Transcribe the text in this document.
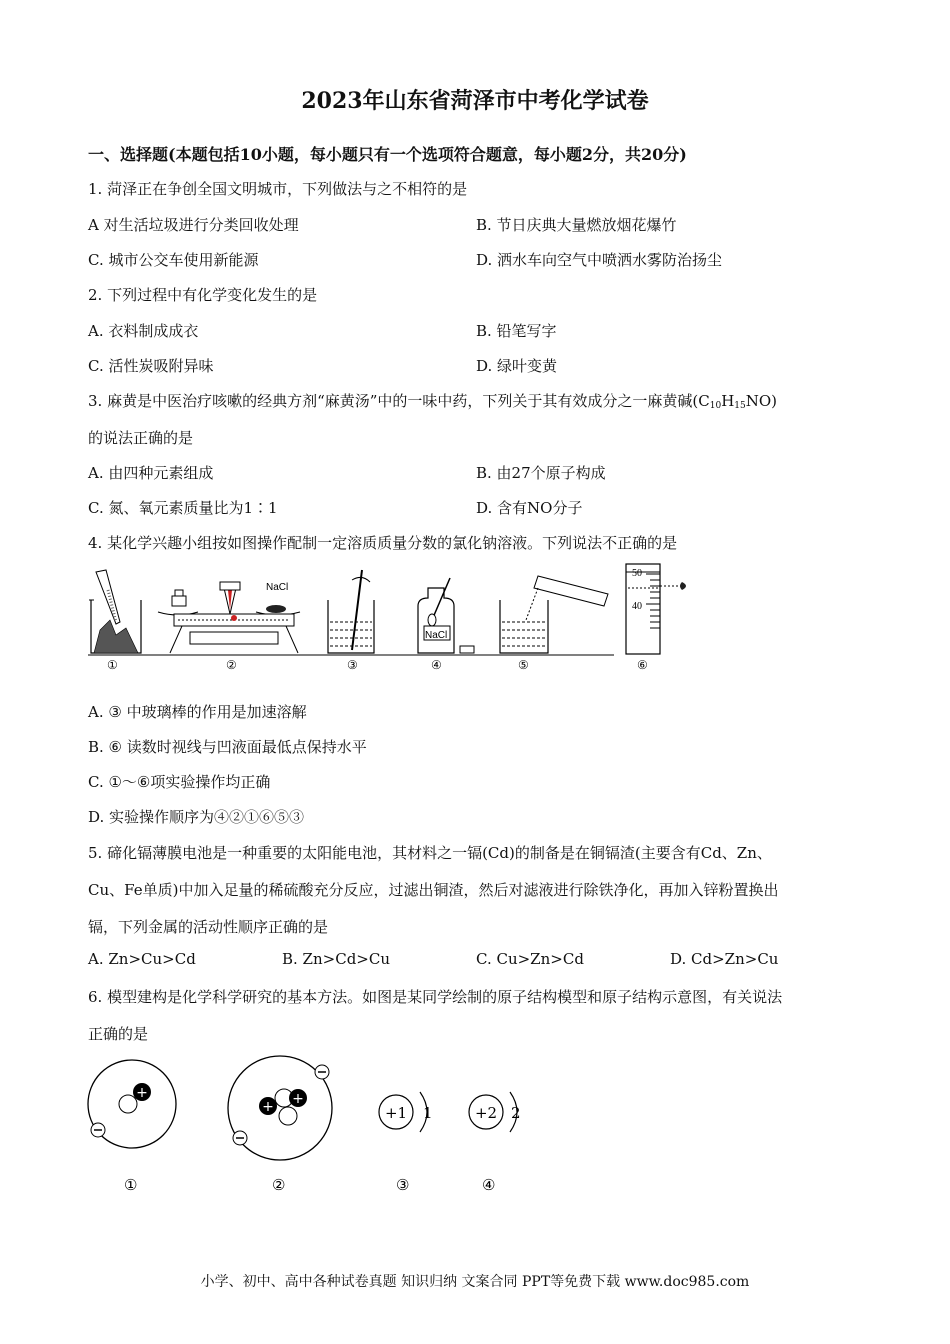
2023年山东省菏泽市中考化学试卷
一、选择题(本题包括10小题，每小题只有一个选项符合题意，每小题2分，共20分)
1. 菏泽正在争创全国文明城市，下列做法与之不相符的是
A 对生活垃圾进行分类回收处理	B. 节日庆典大量燃放烟花爆竹
C. 城市公交车使用新能源	D. 洒水车向空气中喷洒水雾防治扬尘
2. 下列过程中有化学变化发生的是
A. 衣料制成成衣	B. 铅笔写字
C. 活性炭吸附异味	D. 绿叶变黄
3. 麻黄是中医治疗咳嗽的经典方剂“麻黄汤”中的一味中药，下列关于其有效成分之一麻黄碱$(C_{10}H_{15}NO)$
的说法正确的是
A. 由四种元素组成	B. 由27个原子构成
C. 氮、氧元素质量比为1∶1	D. 含有NO分子
4. 某化学兴趣小组按如图操作配制一定溶质质量分数的氯化钠溶液。下列说法不正确的是
NaCl
NaCl
50
40
①	②	③	④	⑤	⑥
A. ③ 中玻璃棒的作用是加速溶解
B. ⑥ 读数时视线与凹液面最低点保持水平
C. ①～⑥项实验操作均正确
D. 实验操作顺序为④②①⑥⑤③
5. 碲化镉薄膜电池是一种重要的太阳能电池，其材料之一镉(Cd)的制备是在铜镉渣(主要含有Cd、Zn、
Cu、Fe单质)中加入足量的稀硫酸充分反应，过滤出铜渣，然后对滤液进行除铁净化，再加入锌粉置换出
镉，下列金属的活动性顺序正确的是
A. Zn>Cu>Cd	B. Zn>Cd>Cu	C. Cu>Zn>Cd	D. Cd>Zn>Cu
6. 模型建构是化学科学研究的基本方法。如图是某同学绘制的原子结构模型和原子结构示意图，有关说法
正确的是
+
+ +
+1 1	+2 2
①	②	③	④
小学、初中、高中各种试卷真题 知识归纳 文案合同 PPT等免费下载 www.doc985.com
